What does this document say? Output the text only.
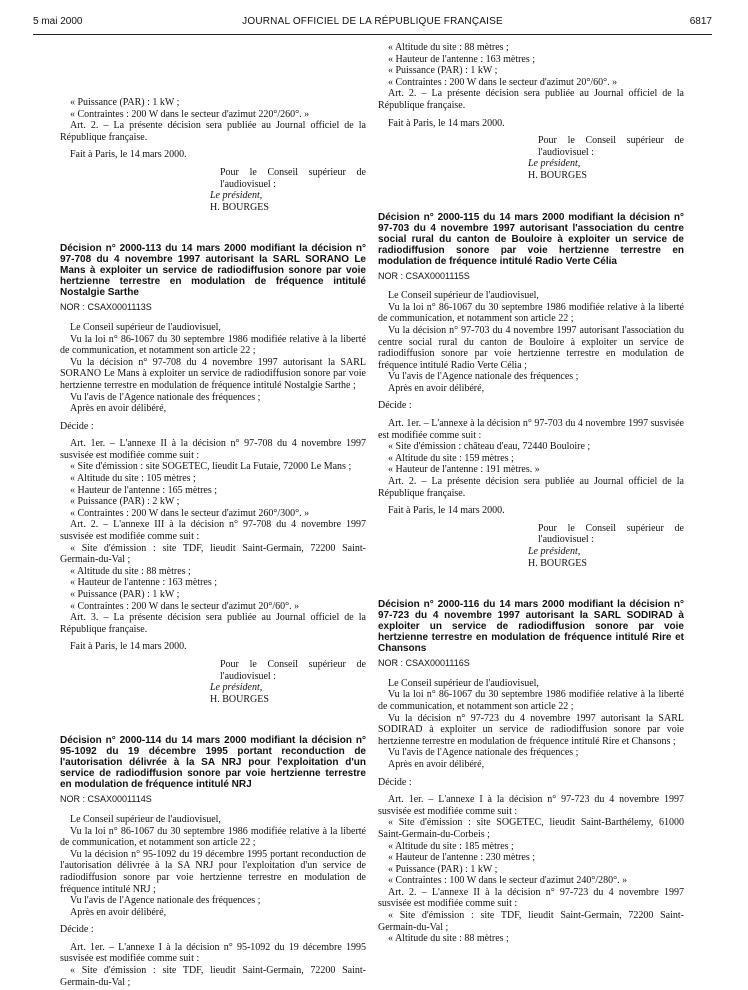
5 mai 2000	JOURNAL OFFICIEL DE LA RÉPUBLIQUE FRANÇAISE	6817

« Puissance (PAR) : 1 kW ;

« Contraintes : 200 W dans le secteur d'azimut 220°/260°. »

Art. 2. – La présente décision sera publiée au Journal officiel de la République française.

Fait à Paris, le 14 mars 2000.

Pour le Conseil supérieur de l'audiovisuel :

Le président,

H. BOURGES

Décision n° 2000-113 du 14 mars 2000 modifiant la décision n° 97-708 du 4 novembre 1997 autorisant la SARL SORANO Le Mans à exploiter un service de radiodiffusion sonore par voie hertzienne terrestre en modulation de fréquence intitulé Nostalgie Sarthe

NOR : CSAX0001113S

Le Conseil supérieur de l'audiovisuel,

Vu la loi n° 86-1067 du 30 septembre 1986 modifiée relative à la liberté de communication, et notamment son article 22 ;

Vu la décision n° 97-708 du 4 novembre 1997 autorisant la SARL SORANO Le Mans à exploiter un service de radiodiffusion sonore par voie hertzienne terrestre en modulation de fréquence intitulé Nostalgie Sarthe ;

Vu l'avis de l'Agence nationale des fréquences ;

Après en avoir délibéré,

Décide :

Art. 1er. – L'annexe II à la décision n° 97-708 du 4 novembre 1997 susvisée est modifiée comme suit :

« Site d'émission : site SOGETEC, lieudit La Futaie, 72000 Le Mans ;

« Altitude du site : 105 mètres ;

« Hauteur de l'antenne : 165 mètres ;

« Puissance (PAR) : 2 kW ;

« Contraintes : 200 W dans le secteur d'azimut 260°/300°. »

Art. 2. – L'annexe III à la décision n° 97-708 du 4 novembre 1997 susvisée est modifiée comme suit :

« Site d'émission : site TDF, lieudit Saint-Germain, 72200 Saint-Germain-du-Val ;

« Altitude du site : 88 mètres ;

« Hauteur de l'antenne : 163 mètres ;

« Puissance (PAR) : 1 kW ;

« Contraintes : 200 W dans le secteur d'azimut 20°/60°. »

Art. 3. – La présente décision sera publiée au Journal officiel de la République française.

Fait à Paris, le 14 mars 2000.

Pour le Conseil supérieur de l'audiovisuel :

Le président,

H. BOURGES

Décision n° 2000-114 du 14 mars 2000 modifiant la décision n° 95-1092 du 19 décembre 1995 portant reconduction de l'autorisation délivrée à la SA NRJ pour l'exploitation d'un service de radiodiffusion sonore par voie hertzienne terrestre en modulation de fréquence intitulé NRJ

NOR : CSAX0001114S

Le Conseil supérieur de l'audiovisuel,

Vu la loi n° 86-1067 du 30 septembre 1986 modifiée relative à la liberté de communication, et notamment son article 22 ;

Vu la décision n° 95-1092 du 19 décembre 1995 portant reconduction de l'autorisation délivrée à la SA NRJ pour l'exploitation d'un service de radiodiffusion sonore par voie hertzienne terrestre en modulation de fréquence intitulé NRJ ;

Vu l'avis de l'Agence nationale des fréquences ;

Après en avoir délibéré,

Décide :

Art. 1er. – L'annexe I à la décision n° 95-1092 du 19 décembre 1995 susvisée est modifiée comme suit :

« Site d'émission : site TDF, lieudit Saint-Germain, 72200 Saint-Germain-du-Val ;

« Altitude du site : 88 mètres ;

« Hauteur de l'antenne : 163 mètres ;

« Puissance (PAR) : 1 kW ;

« Contraintes : 200 W dans le secteur d'azimut 20°/60°. »

Art. 2. – La présente décision sera publiée au Journal officiel de la République française.

Fait à Paris, le 14 mars 2000.

Pour le Conseil supérieur de l'audiovisuel :

Le président,

H. BOURGES

Décision n° 2000-115 du 14 mars 2000 modifiant la décision n° 97-703 du 4 novembre 1997 autorisant l'association du centre social rural du canton de Bouloire à exploiter un service de radiodiffusion sonore par voie hertzienne terrestre en modulation de fréquence intitulé Radio Verte Célia

NOR : CSAX0001115S

Le Conseil supérieur de l'audiovisuel,

Vu la loi n° 86-1067 du 30 septembre 1986 modifiée relative à la liberté de communication, et notamment son article 22 ;

Vu la décision n° 97-703 du 4 novembre 1997 autorisant l'association du centre social rural du canton de Bouloire à exploiter un service de radiodiffusion sonore par voie hertzienne terrestre en modulation de fréquence intitulé Radio Verte Célia ;

Vu l'avis de l'Agence nationale des fréquences ;

Après en avoir délibéré,

Décide :

Art. 1er. – L'annexe à la décision n° 97-703 du 4 novembre 1997 susvisée est modifiée comme suit :

« Site d'émission : château d'eau, 72440 Bouloire ;

« Altitude du site : 159 mètres ;

« Hauteur de l'antenne : 191 mètres. »

Art. 2. – La présente décision sera publiée au Journal officiel de la République française.

Fait à Paris, le 14 mars 2000.

Pour le Conseil supérieur de l'audiovisuel :

Le président,

H. BOURGES

Décision n° 2000-116 du 14 mars 2000 modifiant la décision n° 97-723 du 4 novembre 1997 autorisant la SARL SODIRAD à exploiter un service de radiodiffusion sonore par voie hertzienne terrestre en modulation de fréquence intitulé Rire et Chansons

NOR : CSAX0001116S

Le Conseil supérieur de l'audiovisuel,

Vu la loi n° 86-1067 du 30 septembre 1986 modifiée relative à la liberté de communication, et notamment son article 22 ;

Vu la décision n° 97-723 du 4 novembre 1997 autorisant la SARL SODIRAD à exploiter un service de radiodiffusion sonore par voie hertzienne terrestre en modulation de fréquence intitulé Rire et Chansons ;

Vu l'avis de l'Agence nationale des fréquences ;

Après en avoir délibéré,

Décide :

Art. 1er. – L'annexe I à la décision n° 97-723 du 4 novembre 1997 susvisée est modifiée comme suit :

« Site d'émission : site SOGETEC, lieudit Saint-Barthélemy, 61000 Saint-Germain-du-Corbeis ;

« Altitude du site : 185 mètres ;

« Hauteur de l'antenne : 230 mètres ;

« Puissance (PAR) : 1 kW ;

« Contraintes : 100 W dans le secteur d'azimut 240°/280°. »

Art. 2. – L'annexe II à la décision n° 97-723 du 4 novembre 1997 susvisée est modifiée comme suit :

« Site d'émission : site TDF, lieudit Saint-Germain, 72200 Saint-Germain-du-Val ;

« Altitude du site : 88 mètres ;
